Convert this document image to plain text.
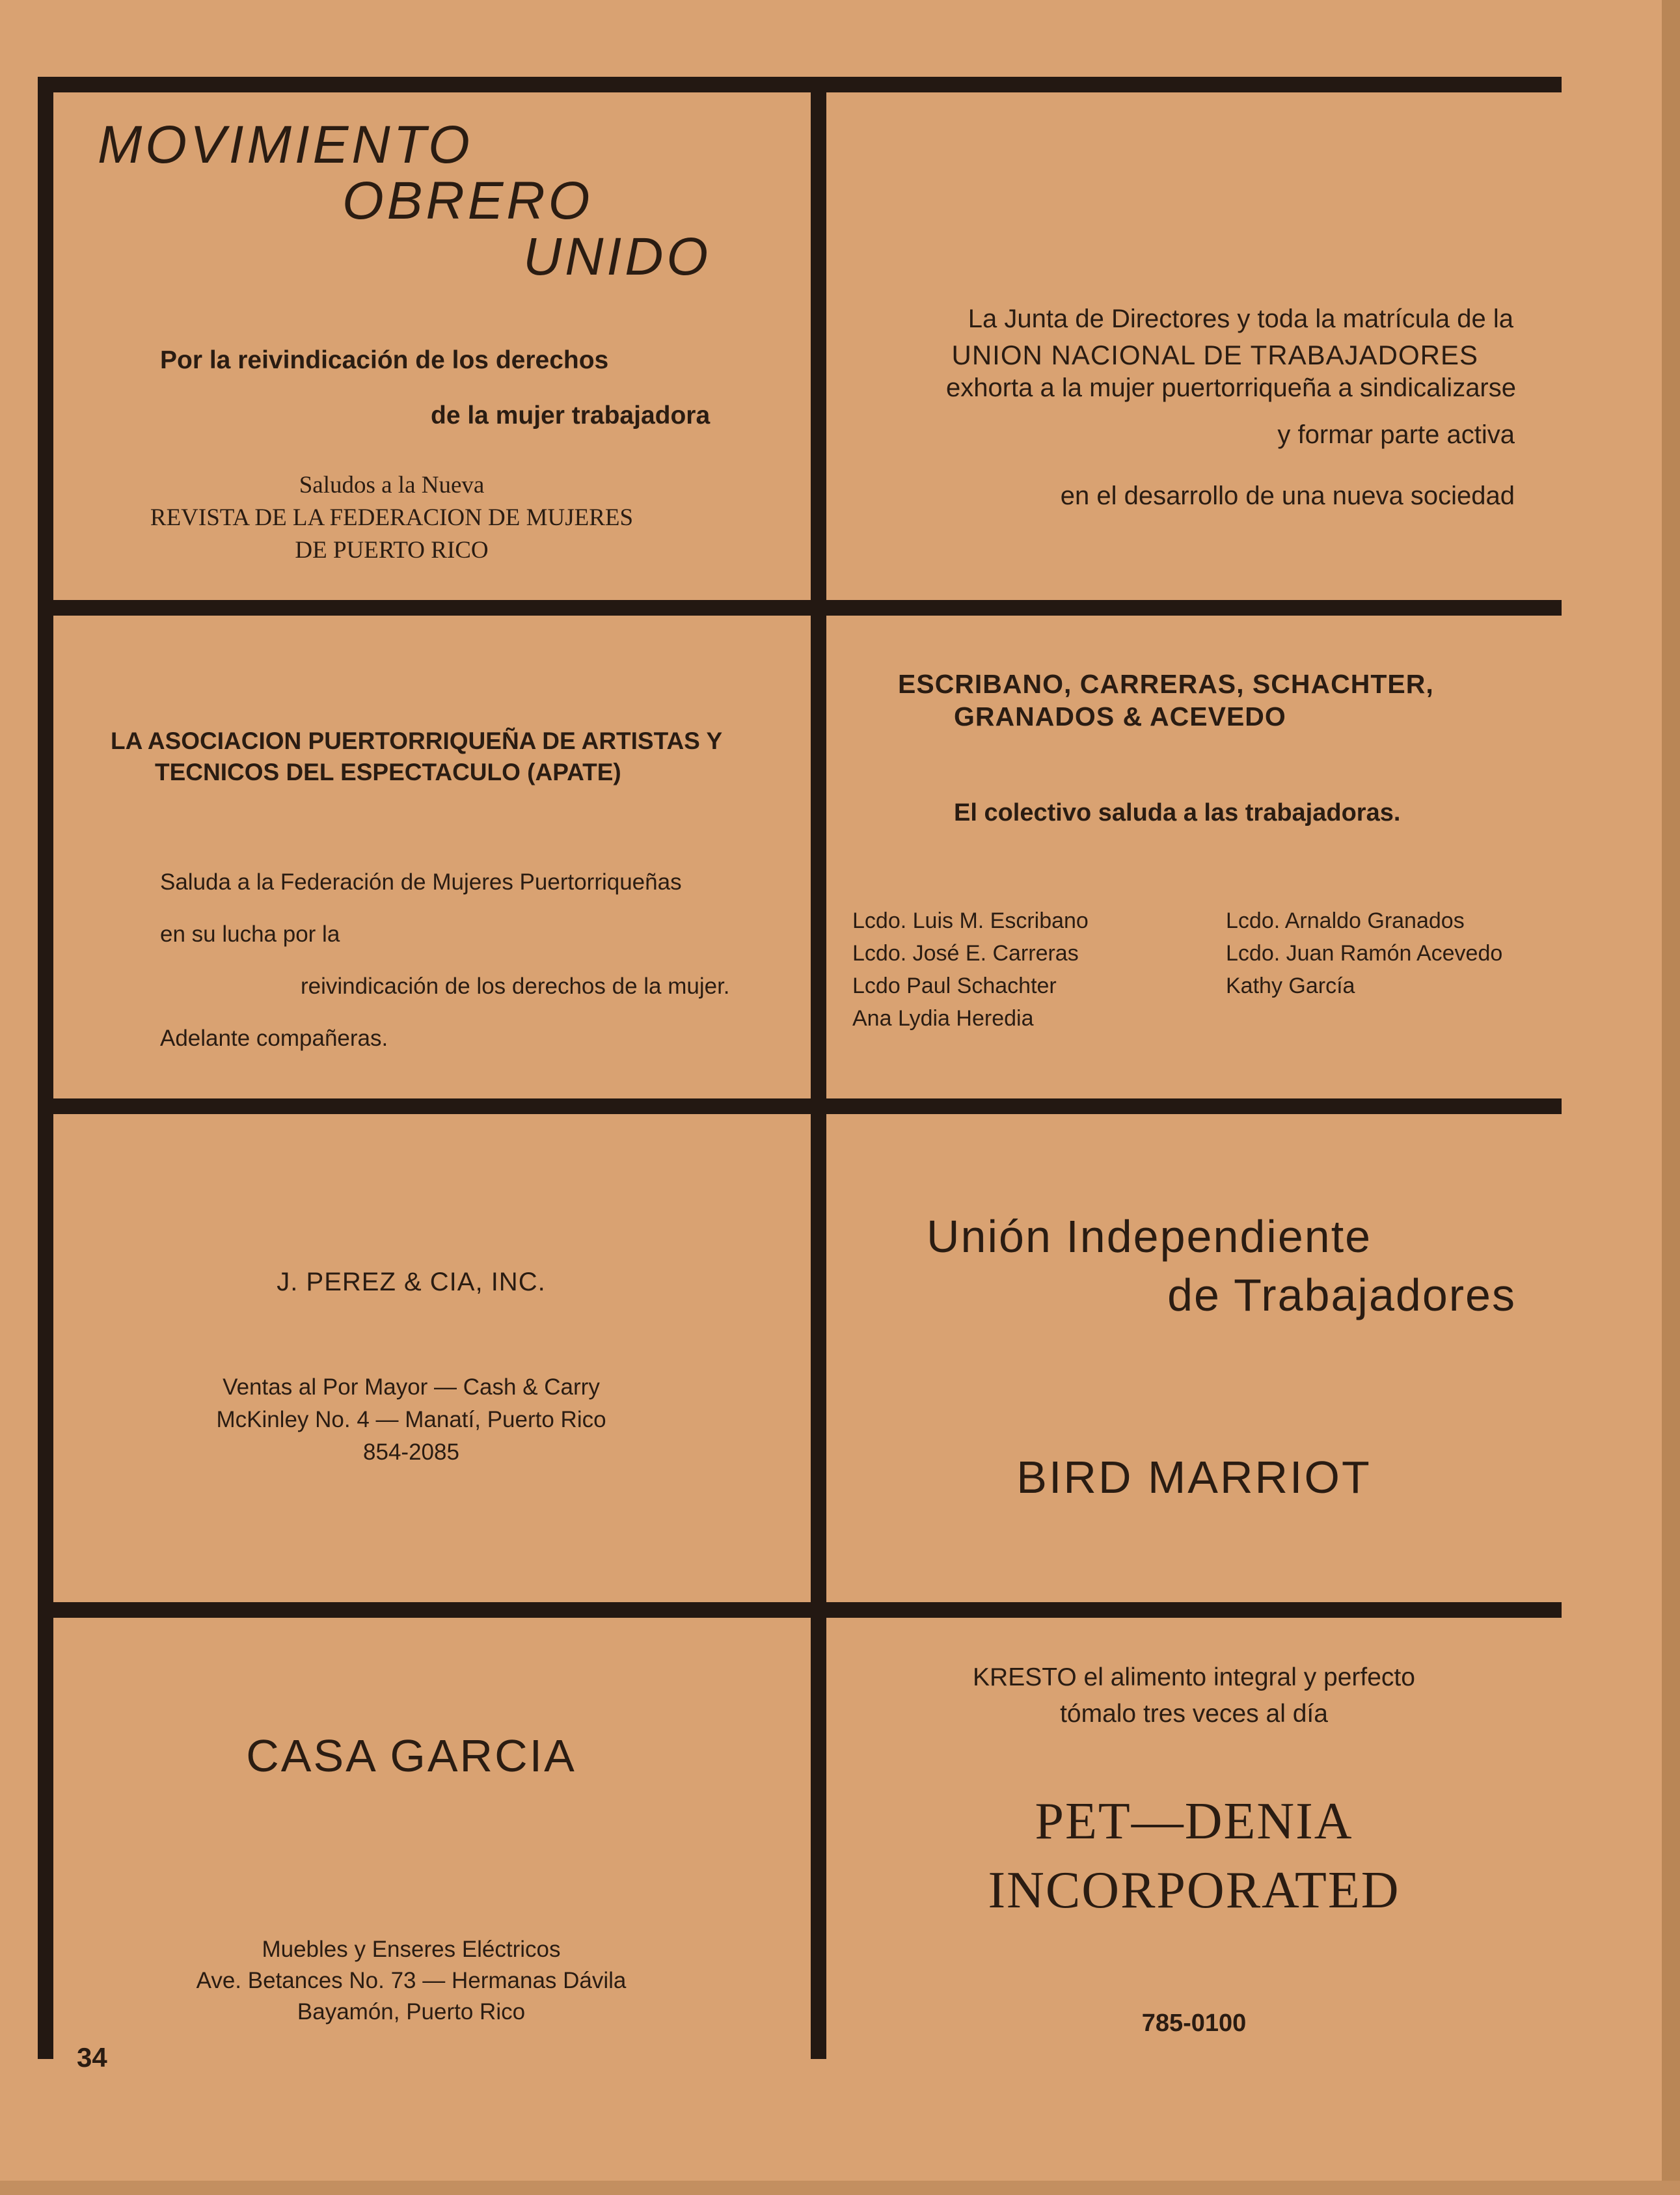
MOVIMIENTO
OBRERO
UNIDO
Por la reivindicación de los derechos
de la mujer trabajadora
Saludos a la Nueva
REVISTA DE LA FEDERACION DE MUJERES
DE PUERTO RICO
La Junta de Directores y toda la matrícula de la
UNION NACIONAL DE TRABAJADORES
exhorta a la mujer puertorriqueña a sindicalizarse
y formar parte activa
en el desarrollo de una nueva sociedad
LA ASOCIACION PUERTORRIQUEÑA DE ARTISTAS Y
TECNICOS DEL ESPECTACULO (APATE)
Saluda a la Federación de Mujeres Puertorriqueñas
en su lucha por la
reivindicación de los derechos de la mujer.
Adelante compañeras.
ESCRIBANO, CARRERAS, SCHACHTER,
GRANADOS & ACEVEDO
El colectivo saluda a las trabajadoras.
Lcdo. Luis M. Escribano
Lcdo. José E. Carreras
Lcdo Paul Schachter
Ana Lydia Heredia
Lcdo. Arnaldo Granados
Lcdo. Juan Ramón Acevedo
Kathy García
J. PEREZ & CIA, INC.
Ventas al Por Mayor — Cash & Carry
McKinley No. 4 — Manatí, Puerto Rico
854-2085
Unión Independiente
de Trabajadores
BIRD MARRIOT
CASA GARCIA
Muebles y Enseres Eléctricos
Ave. Betances No. 73 — Hermanas Dávila
Bayamón, Puerto Rico
KRESTO el alimento integral y perfecto
tómalo tres veces al día
PET—DENIA
INCORPORATED
785-0100
34
